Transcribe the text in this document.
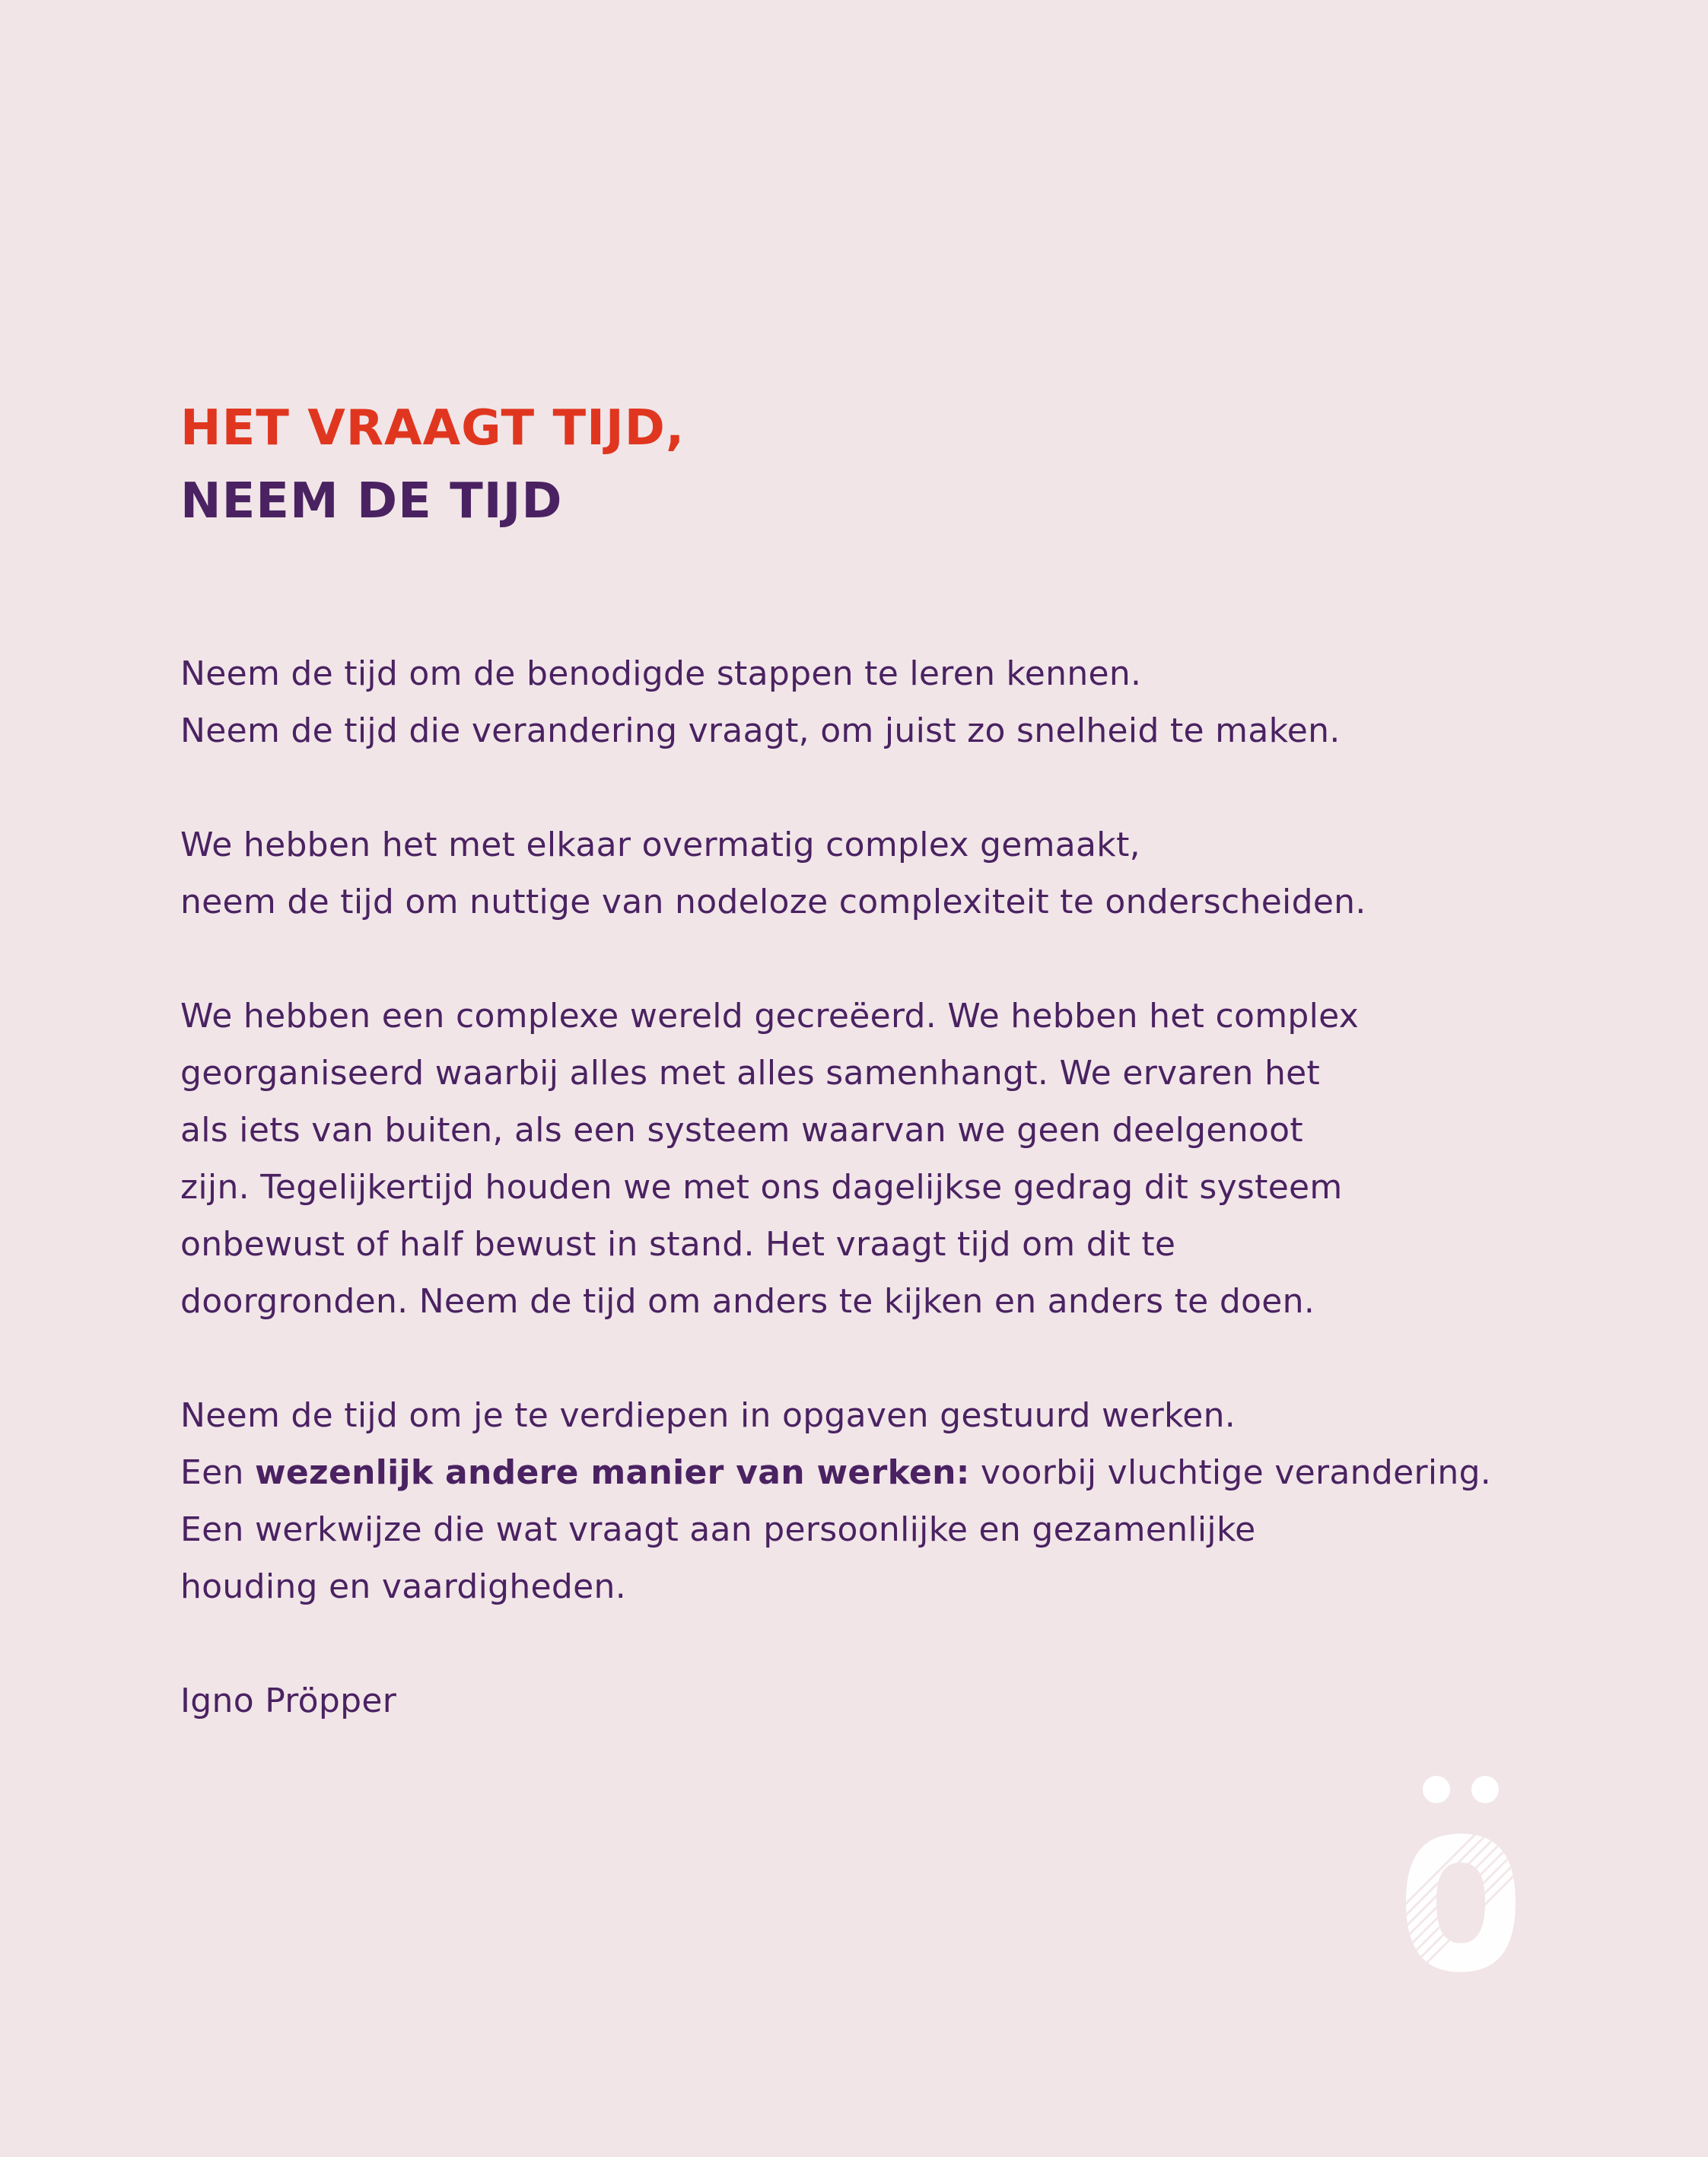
HET VRAAGT TIJD,
NEEM DE TIJD

Neem de tijd om de benodigde stappen te leren kennen.
Neem de tijd die verandering vraagt, om juist zo snelheid te maken.

We hebben het met elkaar overmatig complex gemaakt,
neem de tijd om nuttige van nodeloze complexiteit te onderscheiden.

We hebben een complexe wereld gecreëerd. We hebben het complex
georganiseerd waarbij alles met alles samenhangt. We ervaren het
als iets van buiten, als een systeem waarvan we geen deelgenoot
zijn. Tegelijkertijd houden we met ons dagelijkse gedrag dit systeem
onbewust of half bewust in stand. Het vraagt tijd om dit te
doorgronden. Neem de tijd om anders te kijken en anders te doen.

Neem de tijd om je te verdiepen in opgaven gestuurd werken.
Een wezenlijk andere manier van werken: voorbij vluchtige verandering.
Een werkwijze die wat vraagt aan persoonlijke en gezamenlijke
houding en vaardigheden.

Igno Pröpper
